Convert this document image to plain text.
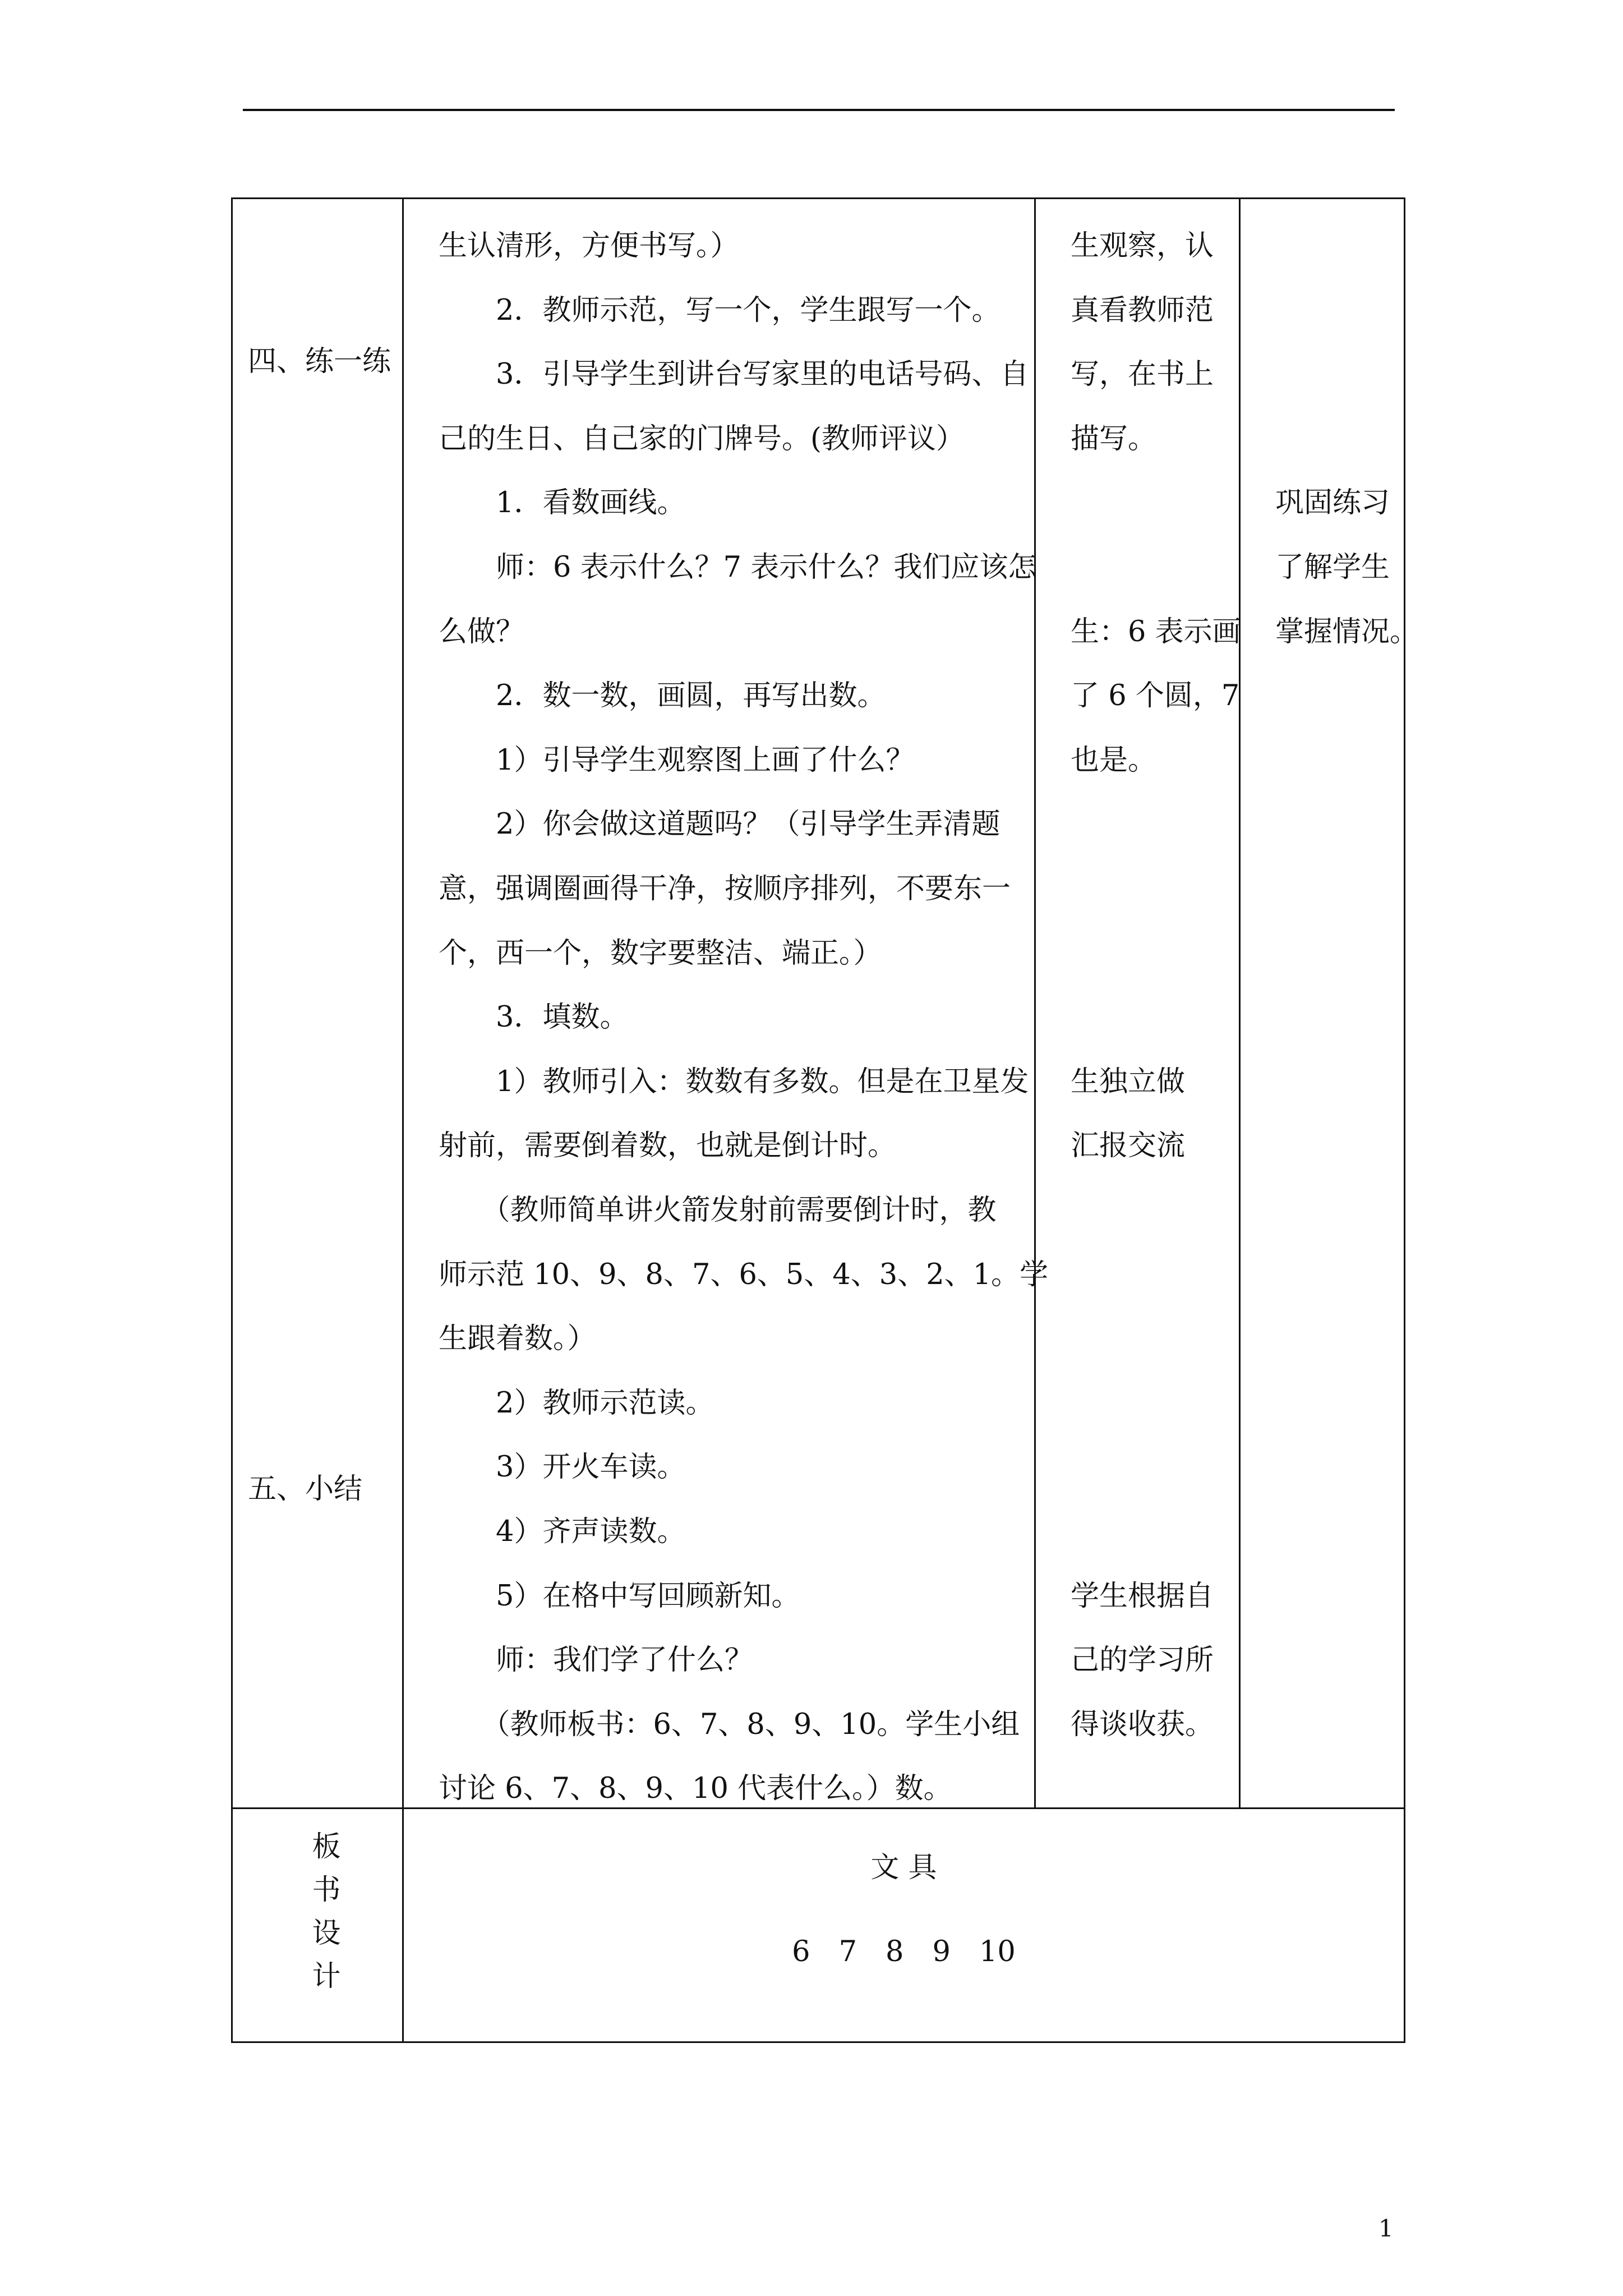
四、练一练
五、小结
生认清形，方便书写。）
　　2．教师示范，写一个，学生跟写一个。
　　3．引导学生到讲台写家里的电话号码、自
己的生日、自己家的门牌号。(教师评议）
　　1．看数画线。
　　师：6 表示什么？7 表示什么？我们应该怎
么做？
　　2．数一数，画圆，再写出数。
　　1）引导学生观察图上画了什么？
　　2）你会做这道题吗？（引导学生弄清题
意，强调圈画得干净，按顺序排列，不要东一
个，西一个，数字要整洁、端正。）
　　3．填数。
　　1）教师引入：数数有多数。但是在卫星发
射前，需要倒着数，也就是倒计时。
　　（教师简单讲火箭发射前需要倒计时，教
师示范 10、9、8、7、6、5、4、3、2、1。学
生跟着数。）
　　2）教师示范读。
　　3）开火车读。
　　4）齐声读数。
　　5）在格中写回顾新知。
　　师：我们学了什么？
　　（教师板书：6、7、8、9、10。学生小组
讨论 6、7、8、9、10 代表什么。）数。
生观察，认
真看教师范
写，在书上
描写。
生：6 表示画
了 6 个圆，7
也是。
生独立做
汇报交流
学生根据自
己的学习所
得谈收获。
巩固练习
了解学生
掌握情况。
板
书
设
计
文 具
6　7　8　9　10
1
